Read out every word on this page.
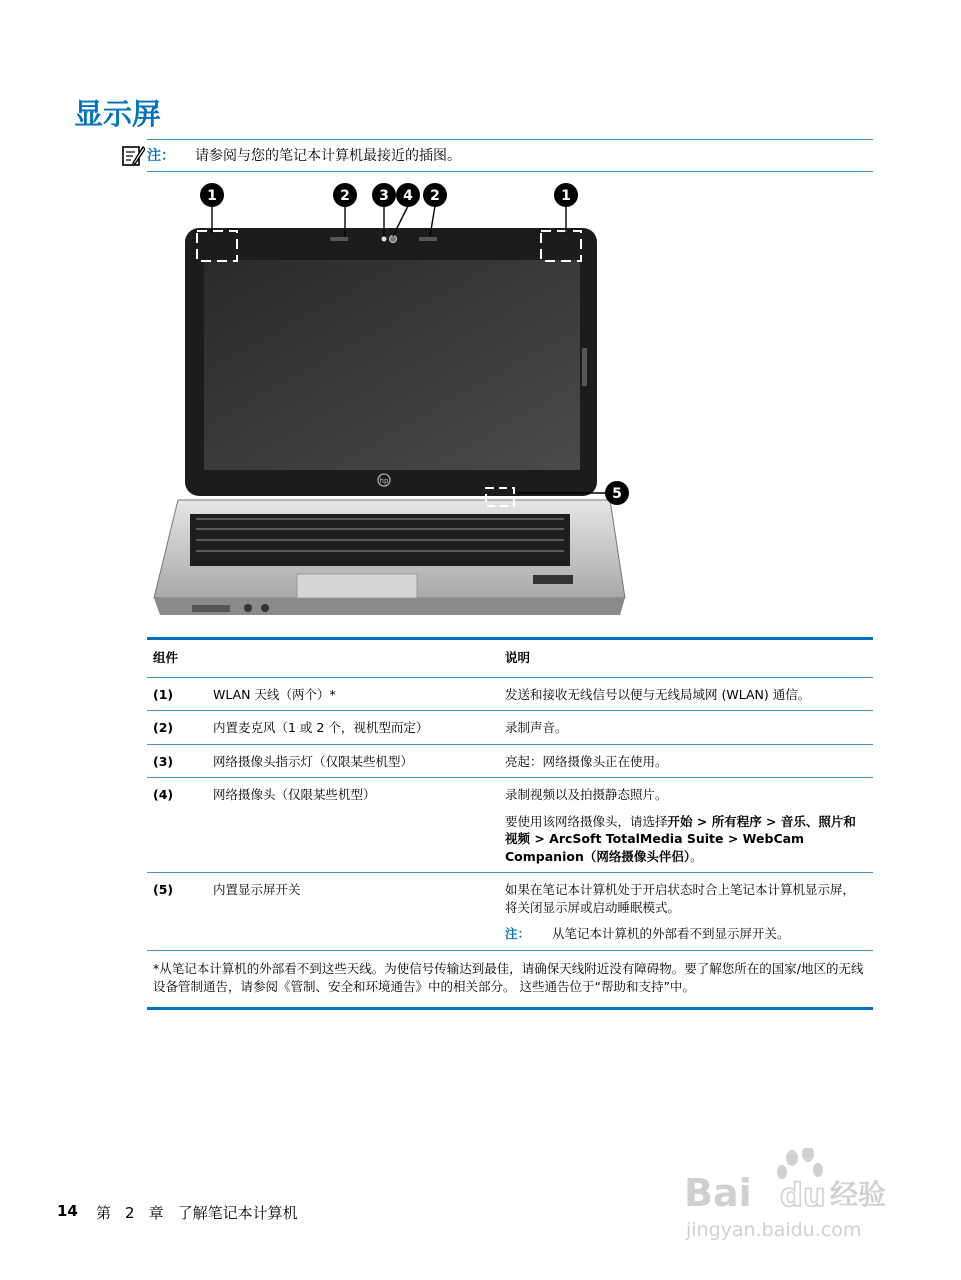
显示屏
注： 请参阅与您的笔记本计算机最接近的插图。
hp
1	2 3 4 2	1
5
组件		说明
(1)	WLAN 天线（两个）*	发送和接收无线信号以便与无线局域网 (WLAN) 通信。
(2)	内置麦克风（1 或 2 个，视机型而定）	录制声音。
(3)	网络摄像头指示灯（仅限某些机型）	亮起：网络摄像头正在使用。
(4)	网络摄像头（仅限某些机型）	录制视频以及拍摄静态照片。

要使用该网络摄像头，请选择开始 > 所有程序 > 音乐、照片和视频 > ArcSoft TotalMedia Suite > WebCam Companion（网络摄像头伴侣）。

(5)	内置显示屏开关	如果在笔记本计算机处于开启状态时合上笔记本计算机显示屏，将关闭显示屏或启动睡眠模式。

注： 从笔记本计算机的外部看不到显示屏开关。

*从笔记本计算机的外部看不到这些天线。为使信号传输达到最佳，请确保天线附近没有障碍物。要了解您所在的国家/地区的无线设备管制通告，请参阅《管制、安全和环境通告》中的相关部分。 这些通告位于“帮助和支持”中。		
14 第 2 章 了解笔记本计算机	Bai du 经验
jingyan.baidu.com
